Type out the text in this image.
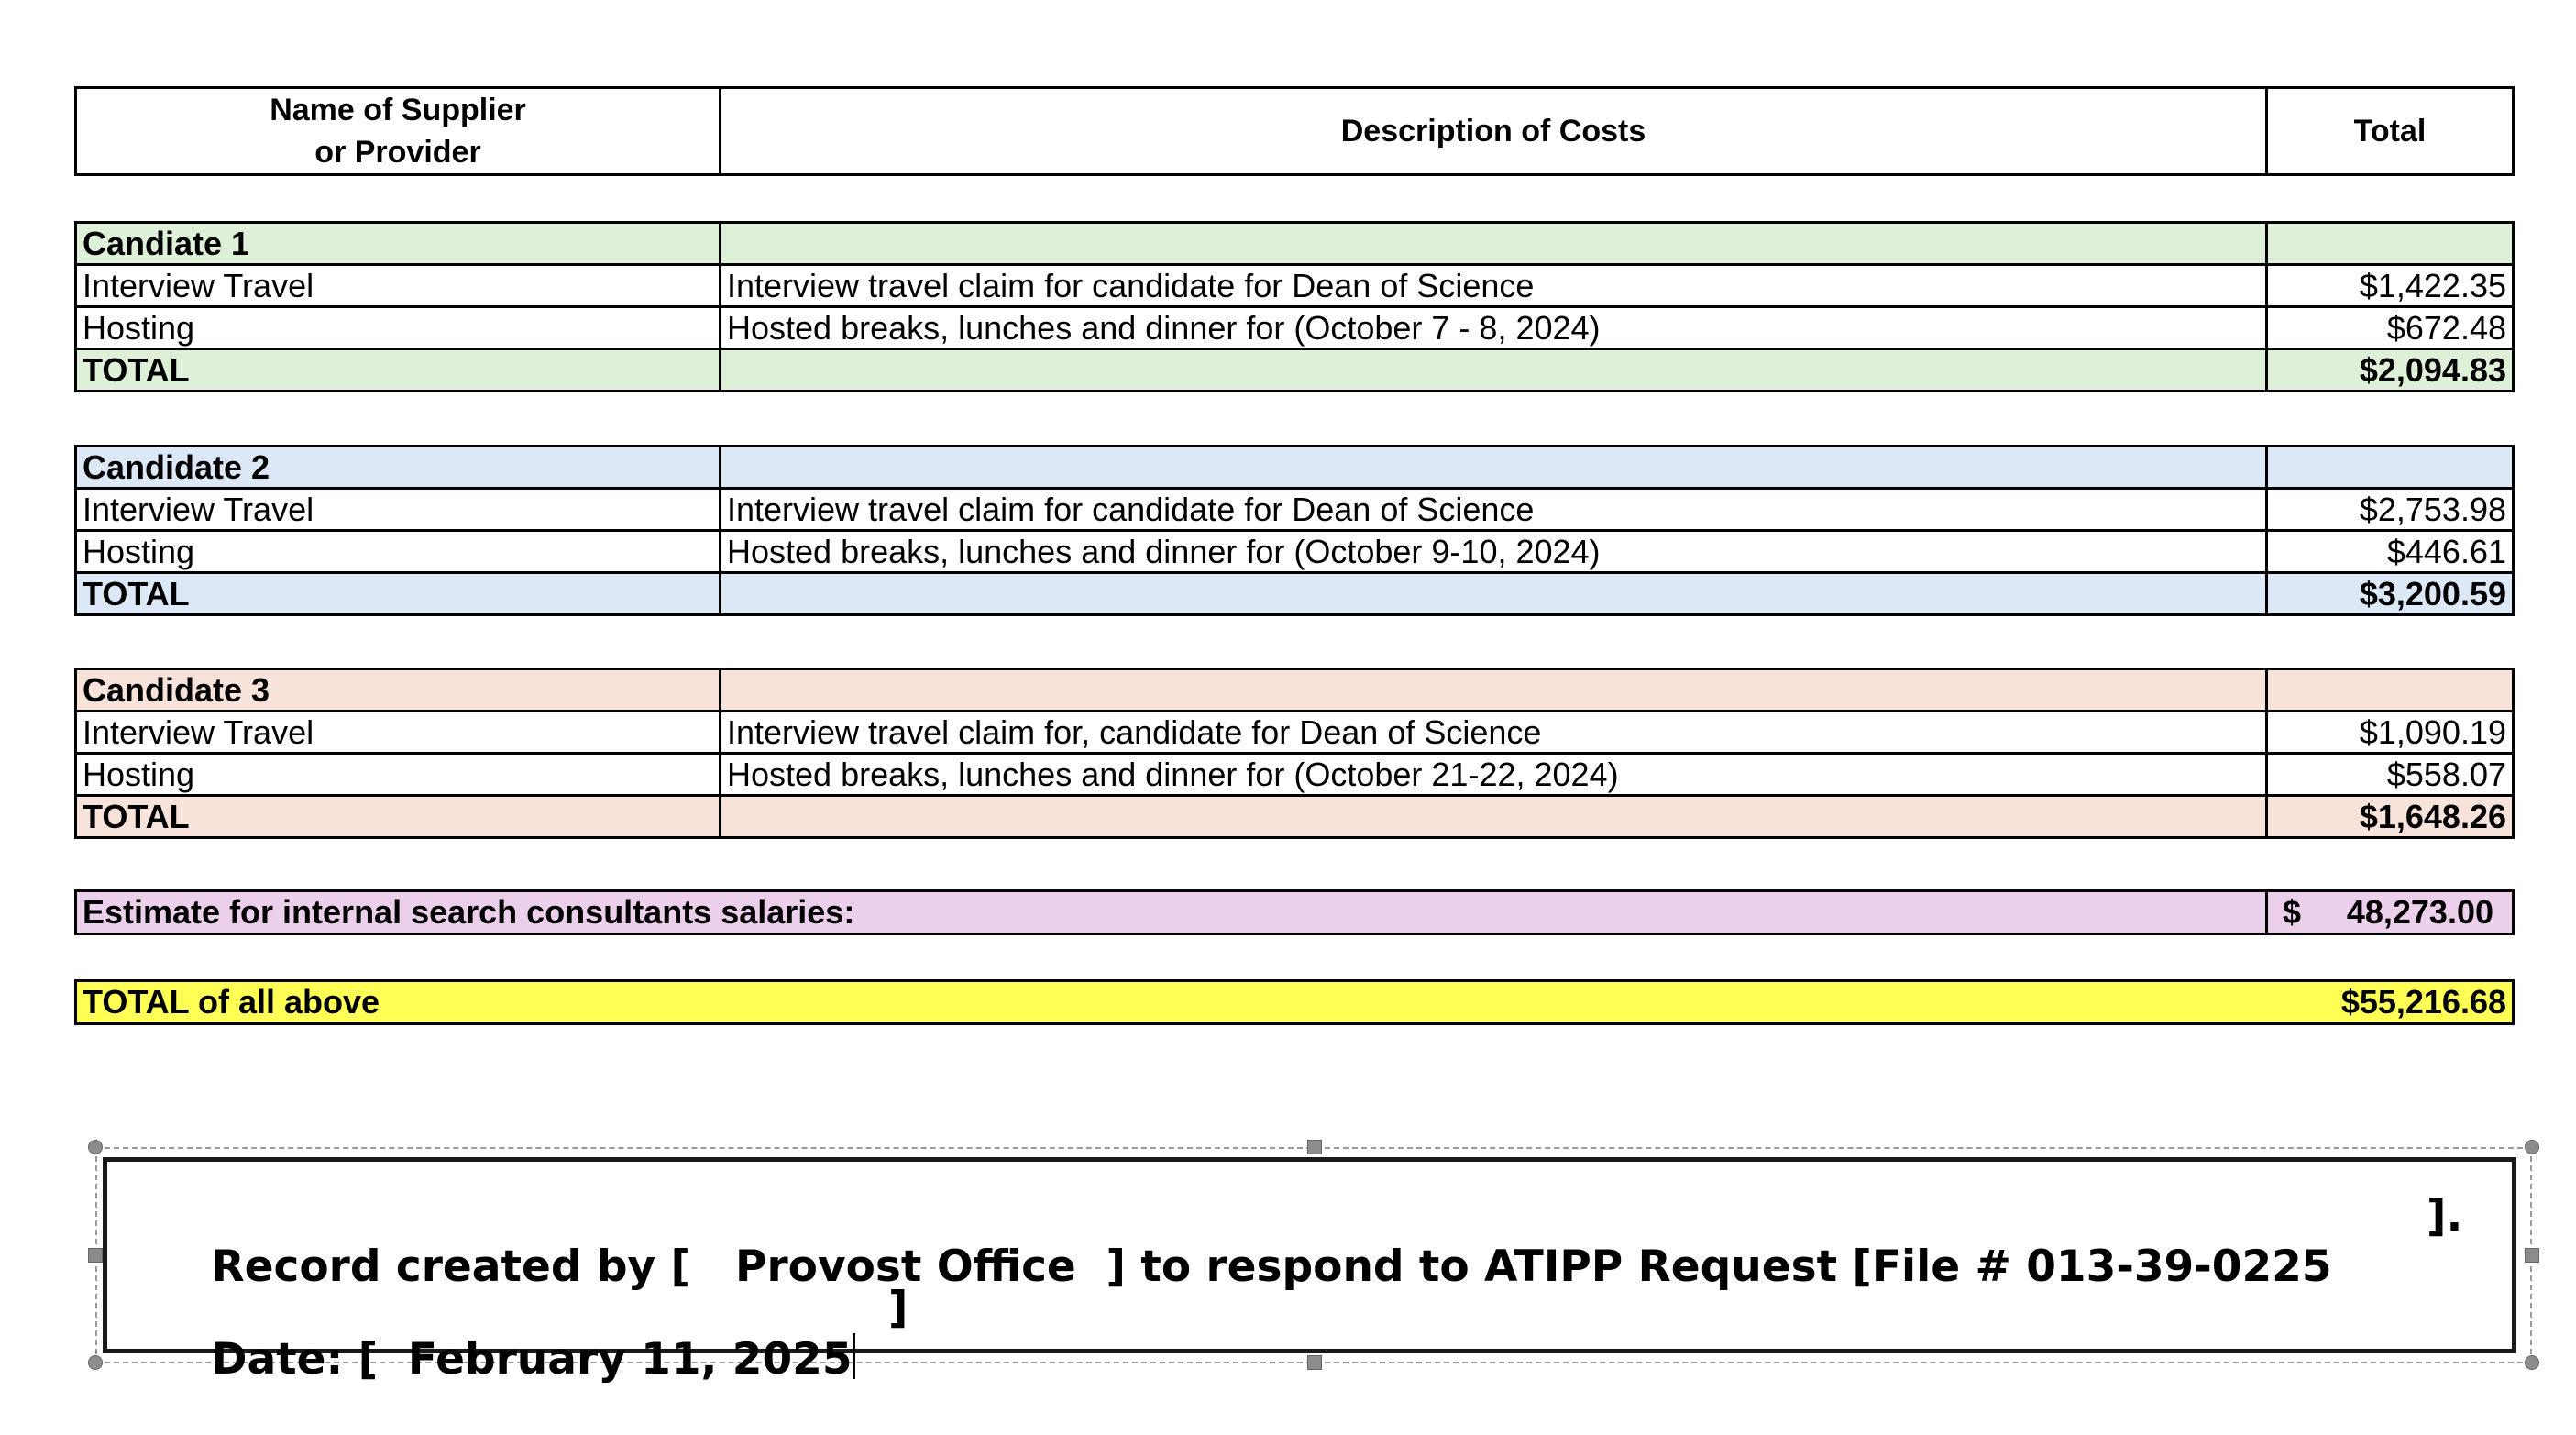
Name of Supplier
or Provider
	Description of Costs	Total
Candiate 1		
Interview Travel	Interview travel claim for candidate for Dean of Science	$1,422.35
Hosting	Hosted breaks, lunches and dinner for (October 7 - 8, 2024)	$672.48
TOTAL		$2,094.83
Candidate 2		
Interview Travel	Interview travel claim for candidate for Dean of Science	$2,753.98
Hosting	Hosted breaks, lunches and dinner for (October 9-10, 2024)	$446.61
TOTAL		$3,200.59
Candidate 3		
Interview Travel	Interview travel claim for, candidate for Dean of Science	$1,090.19
Hosting	Hosted breaks, lunches and dinner for (October 21-22, 2024)	$558.07
TOTAL		$1,648.26
Estimate for internal search consultants salaries:	$ 48,273.00
TOTAL of all above	$55,216.68

Record created by [   Provost Office  ] to respond to ATIPP Request [File # 013-39-0225

].

Date: [  February 11, 2025

]
